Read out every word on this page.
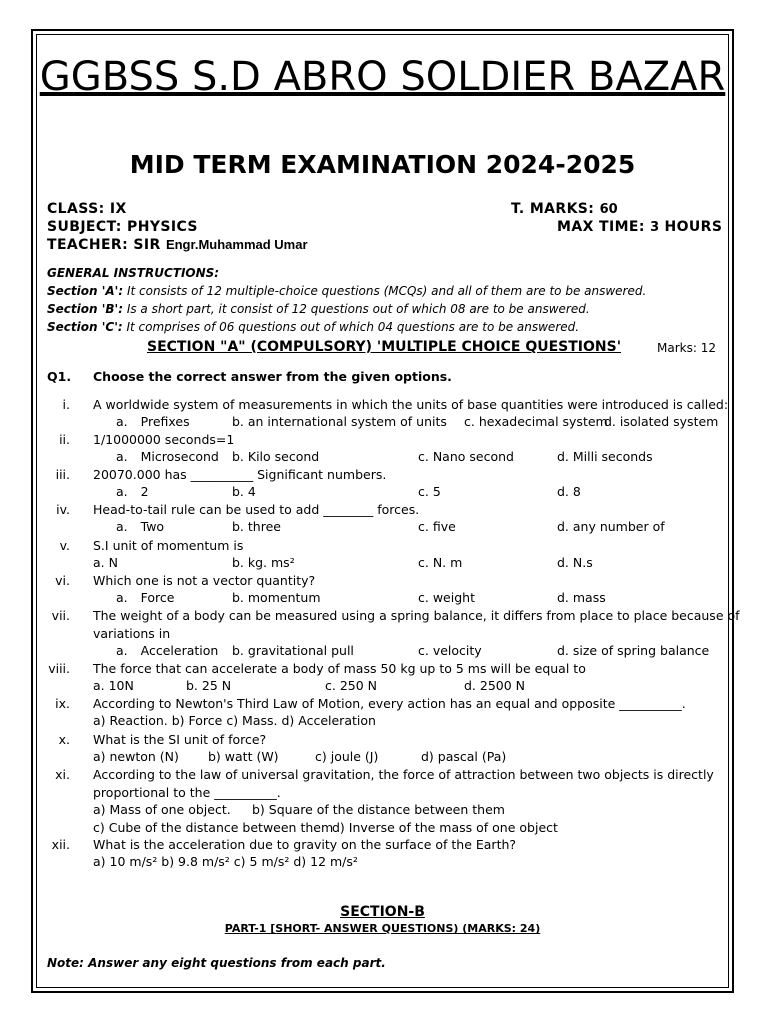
GGBSS S.D ABRO SOLDIER BAZAR
MID TERM EXAMINATION 2024-2025
CLASS: IX	T. MARKS: 60
SUBJECT: PHYSICS	MAX TIME: 3 HOURS
TEACHER: SIR Engr.Muhammad Umar
GENERAL INSTRUCTIONS:
Section 'A': It consists of 12 multiple-choice questions (MCQs) and all of them are to be answered.
Section 'B': Is a short part, it consist of 12 questions out of which 08 are to be answered.
Section 'C': It comprises of 06 questions out of which 04 questions are to be answered.
SECTION "A" (COMPULSORY) 'MULTIPLE CHOICE QUESTIONS'	Marks: 12
Q1. Choose the correct answer from the given options.
i. A worldwide system of measurements in which the units of base quantities were introduced is called:
a. Prefixes	b. an international system of units c. hexadecimal system
d. isolated system
ii. 1/1000000 seconds=1
a. Microsecond b. Kilo second	c. Nano second	d. Milli seconds
iii. 20070.000 has __________ Significant numbers.
a. 2	b. 4	c. 5	d. 8
iv. Head-to-tail rule can be used to add ________ forces.
a. Two	b. three	c. five	d. any number of
v. S.I unit of momentum is
a. N	b. kg. ms²	c. N. m	d. N.s
vi. Which one is not a vector quantity?
a. Force	b. momentum	c. weight	d. mass
vii. The weight of a body can be measured using a spring balance, it differs from place to place because of
variations in
a. Acceleration b. gravitational pull	c. velocity	d. size of spring balance
viii. The force that can accelerate a body of mass 50 kg up to 5 ms will be equal to
a. 10N	b. 25 N	c. 250 N	d. 2500 N
ix. According to Newton's Third Law of Motion, every action has an equal and opposite __________.
a) Reaction. b) Force c) Mass. d) Acceleration
x. What is the SI unit of force?
a) newton (N) b) watt (W)	c) joule (J)	d) pascal (Pa)
xi. According to the law of universal gravitation, the force of attraction between two objects is directly
proportional to the __________.
a) Mass of one object. b) Square of the distance between them
c) Cube of the distance between them
d) Inverse of the mass of one object
xii. What is the acceleration due to gravity on the surface of the Earth?
a) 10 m/s² b) 9.8 m/s² c) 5 m/s² d) 12 m/s²
SECTION-B
PART-1 [SHORT- ANSWER QUESTIONS) (MARKS: 24)
Note: Answer any eight questions from each part.
